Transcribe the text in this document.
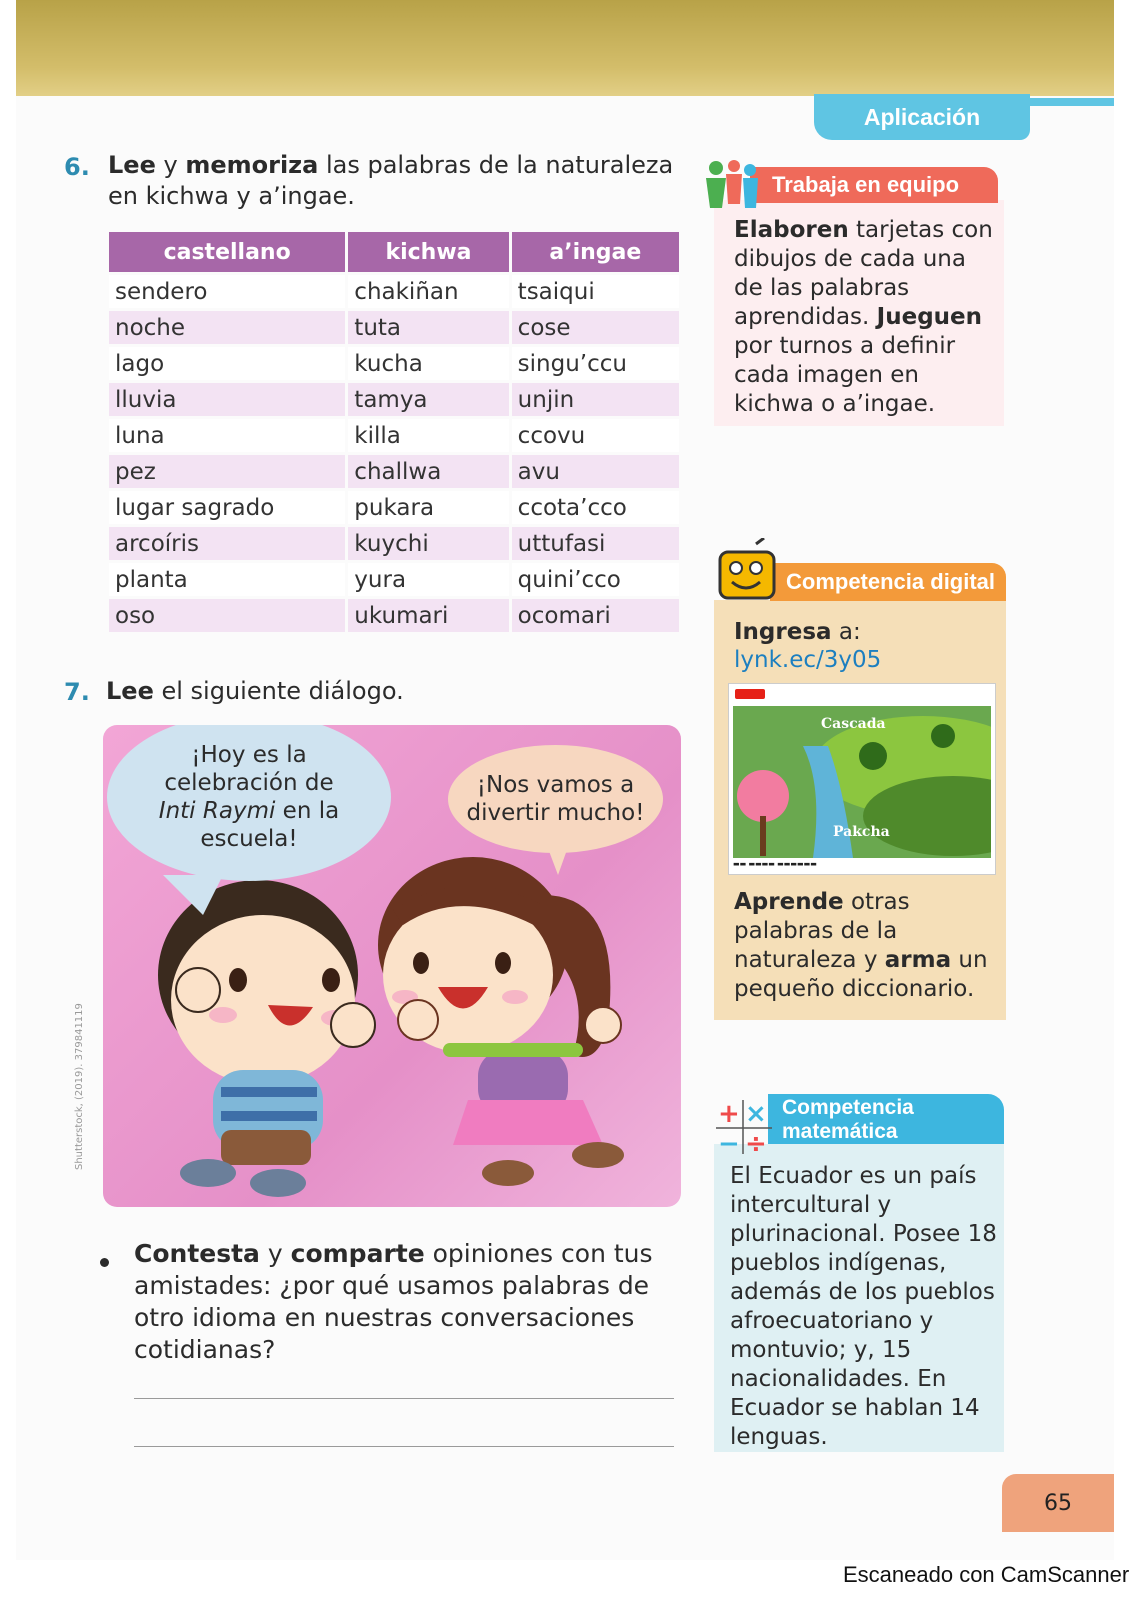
Aplicación
6. Lee y memoriza las palabras de la naturaleza en kichwa y a’ingae.
castellano	kichwa	a’ingae
sendero	chakiñan	tsaiqui
noche	tuta	cose
lago	kucha	singu’ccu
lluvia	tamya	unjin
luna	killa	ccovu
pez	challwa	avu
lugar sagrado	pukara	ccota’cco
arcoíris	kuychi	uttufasi
planta	yura	quini’cco
oso	ukumari	ocomari
7. Lee el siguiente diálogo.
¡Hoy es la
celebración de
Inti Raymi en la
escuela!
¡Nos vamos a
divertir mucho!
Shutterstock, (2019). 379841119
Contesta y comparte opiniones con tus amistades: ¿por qué usamos palabras de otro idioma en nuestras conversaciones cotidianas?
Trabaja en equipo
Elaboren tarjetas con dibujos de cada una de las palabras aprendidas. Jueguen por turnos a definir cada imagen en kichwa o a’ingae.
Competencia digital
Ingresa a:
lynk.ec/3y05
Cascada
Pakcha
▬▬ ▬▬▬▬ ▬▬▬▬▬▬
Aprende otras palabras de la naturaleza y arma un pequeño diccionario.
Competencia
matemática
+ ×
− ÷
El Ecuador es un país intercultural y plurinacional. Posee 18 pueblos indígenas, además de los pueblos afroecuatoriano y montuvio; y, 15 nacionalidades. En Ecuador se hablan 14 lenguas.
65
Escaneado con CamScanner
